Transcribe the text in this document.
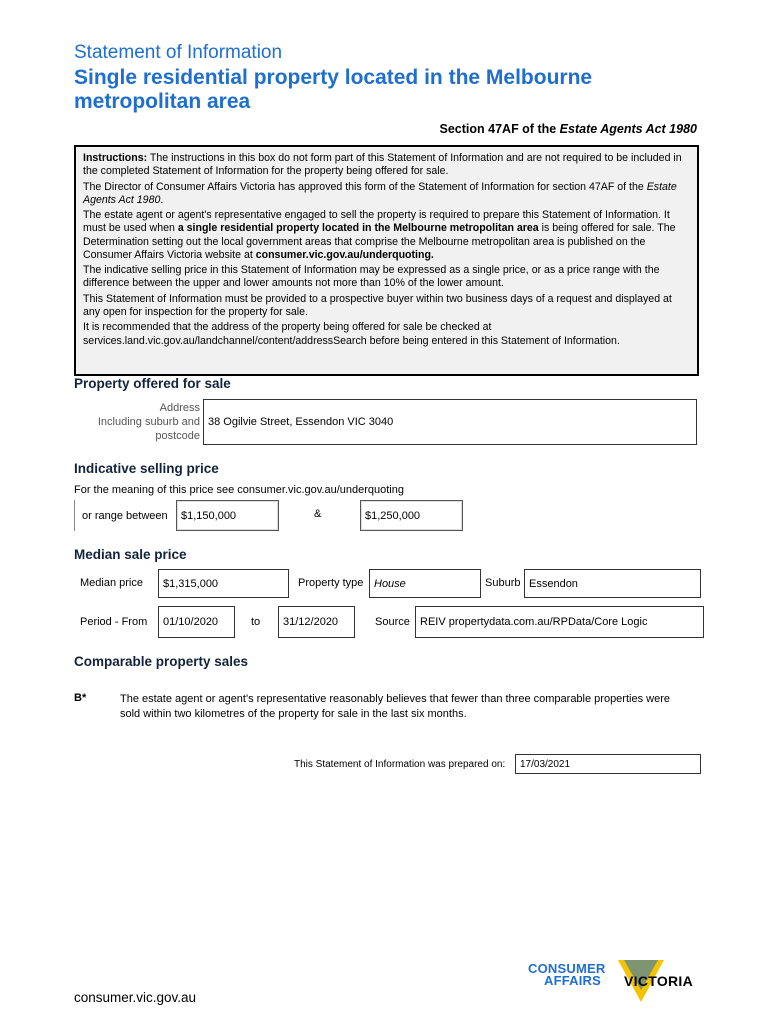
Statement of Information
Single residential property located in the Melbourne metropolitan area
Section 47AF of the Estate Agents Act 1980

Instructions: The instructions in this box do not form part of this Statement of Information and are not required to be included in the completed Statement of Information for the property being offered for sale.

The Director of Consumer Affairs Victoria has approved this form of the Statement of Information for section 47AF of the Estate Agents Act 1980.

The estate agent or agent's representative engaged to sell the property is required to prepare this Statement of Information. It must be used when a single residential property located in the Melbourne metropolitan area is being offered for sale. The Determination setting out the local government areas that comprise the Melbourne metropolitan area is published on the Consumer Affairs Victoria website at consumer.vic.gov.au/underquoting.

The indicative selling price in this Statement of Information may be expressed as a single price, or as a price range with the difference between the upper and lower amounts not more than 10% of the lower amount.

This Statement of Information must be provided to a prospective buyer within two business days of a request and displayed at any open for inspection for the property for sale.

It is recommended that the address of the property being offered for sale be checked at services.land.vic.gov.au/landchannel/content/addressSearch before being entered in this Statement of Information.

Property offered for sale
Address
Including suburb and
postcode
38 Ogilvie Street, Essendon VIC 3040
Indicative selling price
For the meaning of this price see consumer.vic.gov.au/underquoting
or range between	$1,150,000	&	$1,250,000
Median sale price
Median price	$1,315,000	Property type House	Suburb Essendon
Period - From	01/10/2020	to	31/12/2020	Source REIV propertydata.com.au/RPData/Core Logic
Comparable property sales
B*	The estate agent or agent's representative reasonably believes that fewer than three comparable properties were sold within two kilometres of the property for sale in the last six months.
This Statement of Information was prepared on:	17/03/2021
CONSUMER
AFFAIRS VICTORIA
consumer.vic.gov.au
